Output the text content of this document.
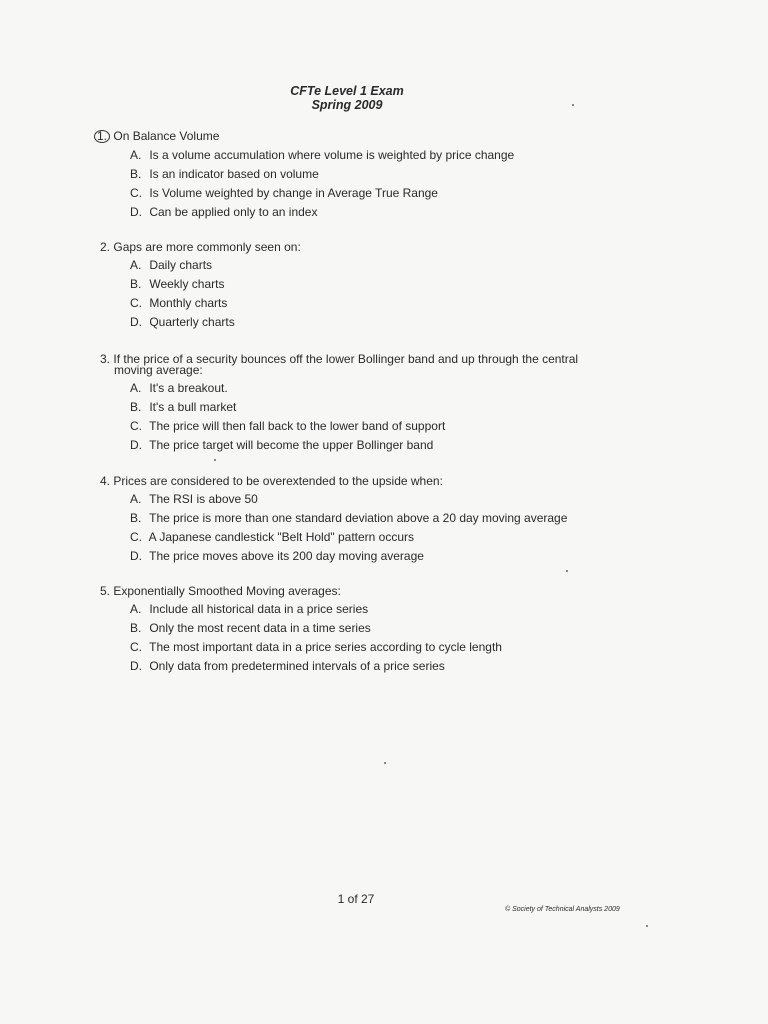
CFTe Level 1 Exam
Spring 2009

1. On Balance Volume

A. Is a volume accumulation where volume is weighted by price change
B. Is an indicator based on volume
C. Is Volume weighted by change in Average True Range
D. Can be applied only to an index

2. Gaps are more commonly seen on:

A. Daily charts
B. Weekly charts
C. Monthly charts
D. Quarterly charts

3. If the price of a security bounces off the lower Bollinger band and up through the central

moving average:

A. It's a breakout.
B. It's a bull market
C. The price will then fall back to the lower band of support
D. The price target will become the upper Bollinger band

4. Prices are considered to be overextended to the upside when:

A. The RSI is above 50
B. The price is more than one standard deviation above a 20 day moving average
C. A Japanese candlestick "Belt Hold" pattern occurs
D. The price moves above its 200 day moving average

5. Exponentially Smoothed Moving averages:

A. Include all historical data in a price series
B. Only the most recent data in a time series
C. The most important data in a price series according to cycle length
D. Only data from predetermined intervals of a price series
1 of 27
© Society of Technical Analysts 2009
